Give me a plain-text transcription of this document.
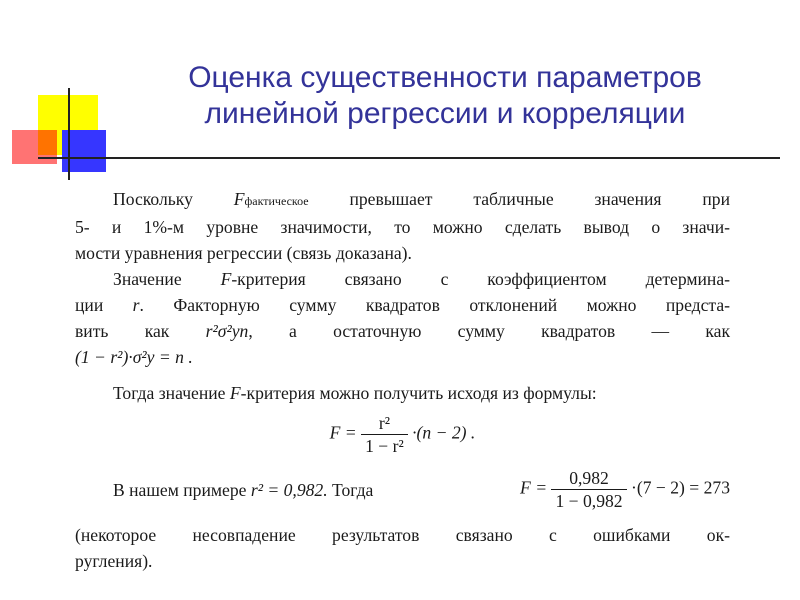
Оценка существенности параметров
линейной регрессии и корреляции
Поскольку Fфактическое превышает табличные значения при
5- и 1%-м уровне значимости, то можно сделать вывод о значи-
мости уравнения регрессии (связь доказана).
Значение F-критерия связано с коэффициентом детермина-
ции r. Факторную сумму квадратов отклонений можно предста-
вить как r²σ²yn, а остаточную сумму квадратов — как
(1 − r²)·σ²y = n .
Тогда значение F-критерия можно получить исходя из формулы:
$F = \frac{\text{r²}}{\text{1 − r²}} \cdot(n - 2)$ .
В нашем примере r² = 0,982. Тогда	$F = \frac{0,982}{1 - 0,982} \cdot(7 - 2) = 273$
(некоторое несовпадение результатов связано с ошибками ок-
ругления).
